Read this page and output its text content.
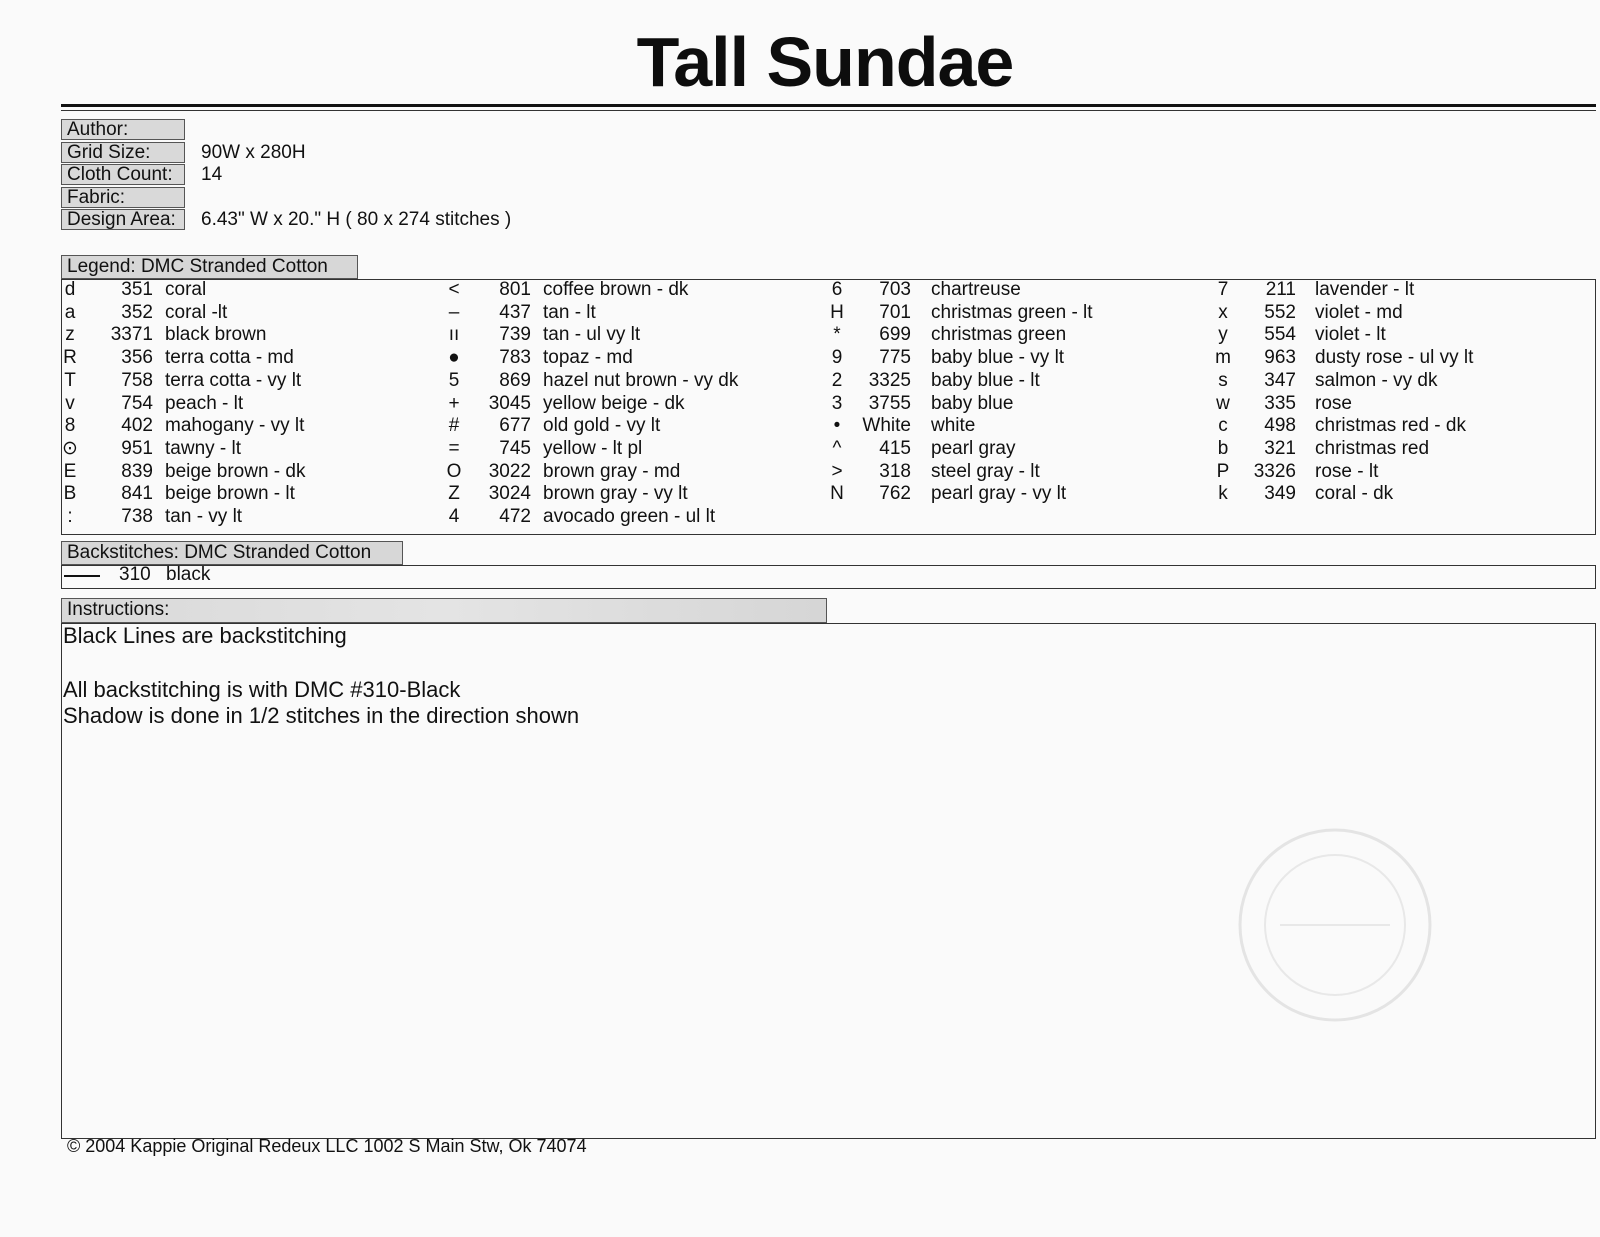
Tall Sundae
Author:
Grid Size:	90W x 280H
Cloth Count:	14
Fabric:
Design Area:	6.43" W x 20." H ( 80 x 274 stitches )
Legend: DMC Stranded Cotton
d	351 coral
a	352 coral -lt
z	3371 black brown
R	356 terra cotta - md
T	758 terra cotta - vy lt
v	754 peach - lt
8	402 mahogany - vy lt
⊙	951 tawny - lt
E	839 beige brown - dk
B	841 beige brown - lt
:	738 tan - vy lt
<	801 coffee brown - dk
–	437 tan - lt
ıı	739 tan - ul vy lt
●	783 topaz - md
5	869 hazel nut brown - vy dk
+	3045 yellow beige - dk
#	677 old gold - vy lt
=	745 yellow - lt pl
O	3022 brown gray - md
Z	3024 brown gray - vy lt
4	472 avocado green - ul lt
6	703 chartreuse
H	701 christmas green - lt
*	699 christmas green
9	775 baby blue - vy lt
2	3325 baby blue - lt
3	3755 baby blue
•	White white
^	415 pearl gray
>	318 steel gray - lt
N	762 pearl gray - vy lt
7	211 lavender - lt
x	552 violet - md
y	554 violet - lt
m	963 dusty rose - ul vy lt
s	347 salmon - vy dk
w	335 rose
c	498 christmas red - dk
b	321 christmas red
P	3326 rose - lt
k	349 coral - dk
Backstitches: DMC Stranded Cotton
310 black
Instructions:
Black Lines are backstitching
All backstitching is with DMC #310-Black
Shadow is done in 1/2 stitches in the direction shown
© 2004 Kappie Original Redeux LLC 1002 S Main Stw, Ok 74074
